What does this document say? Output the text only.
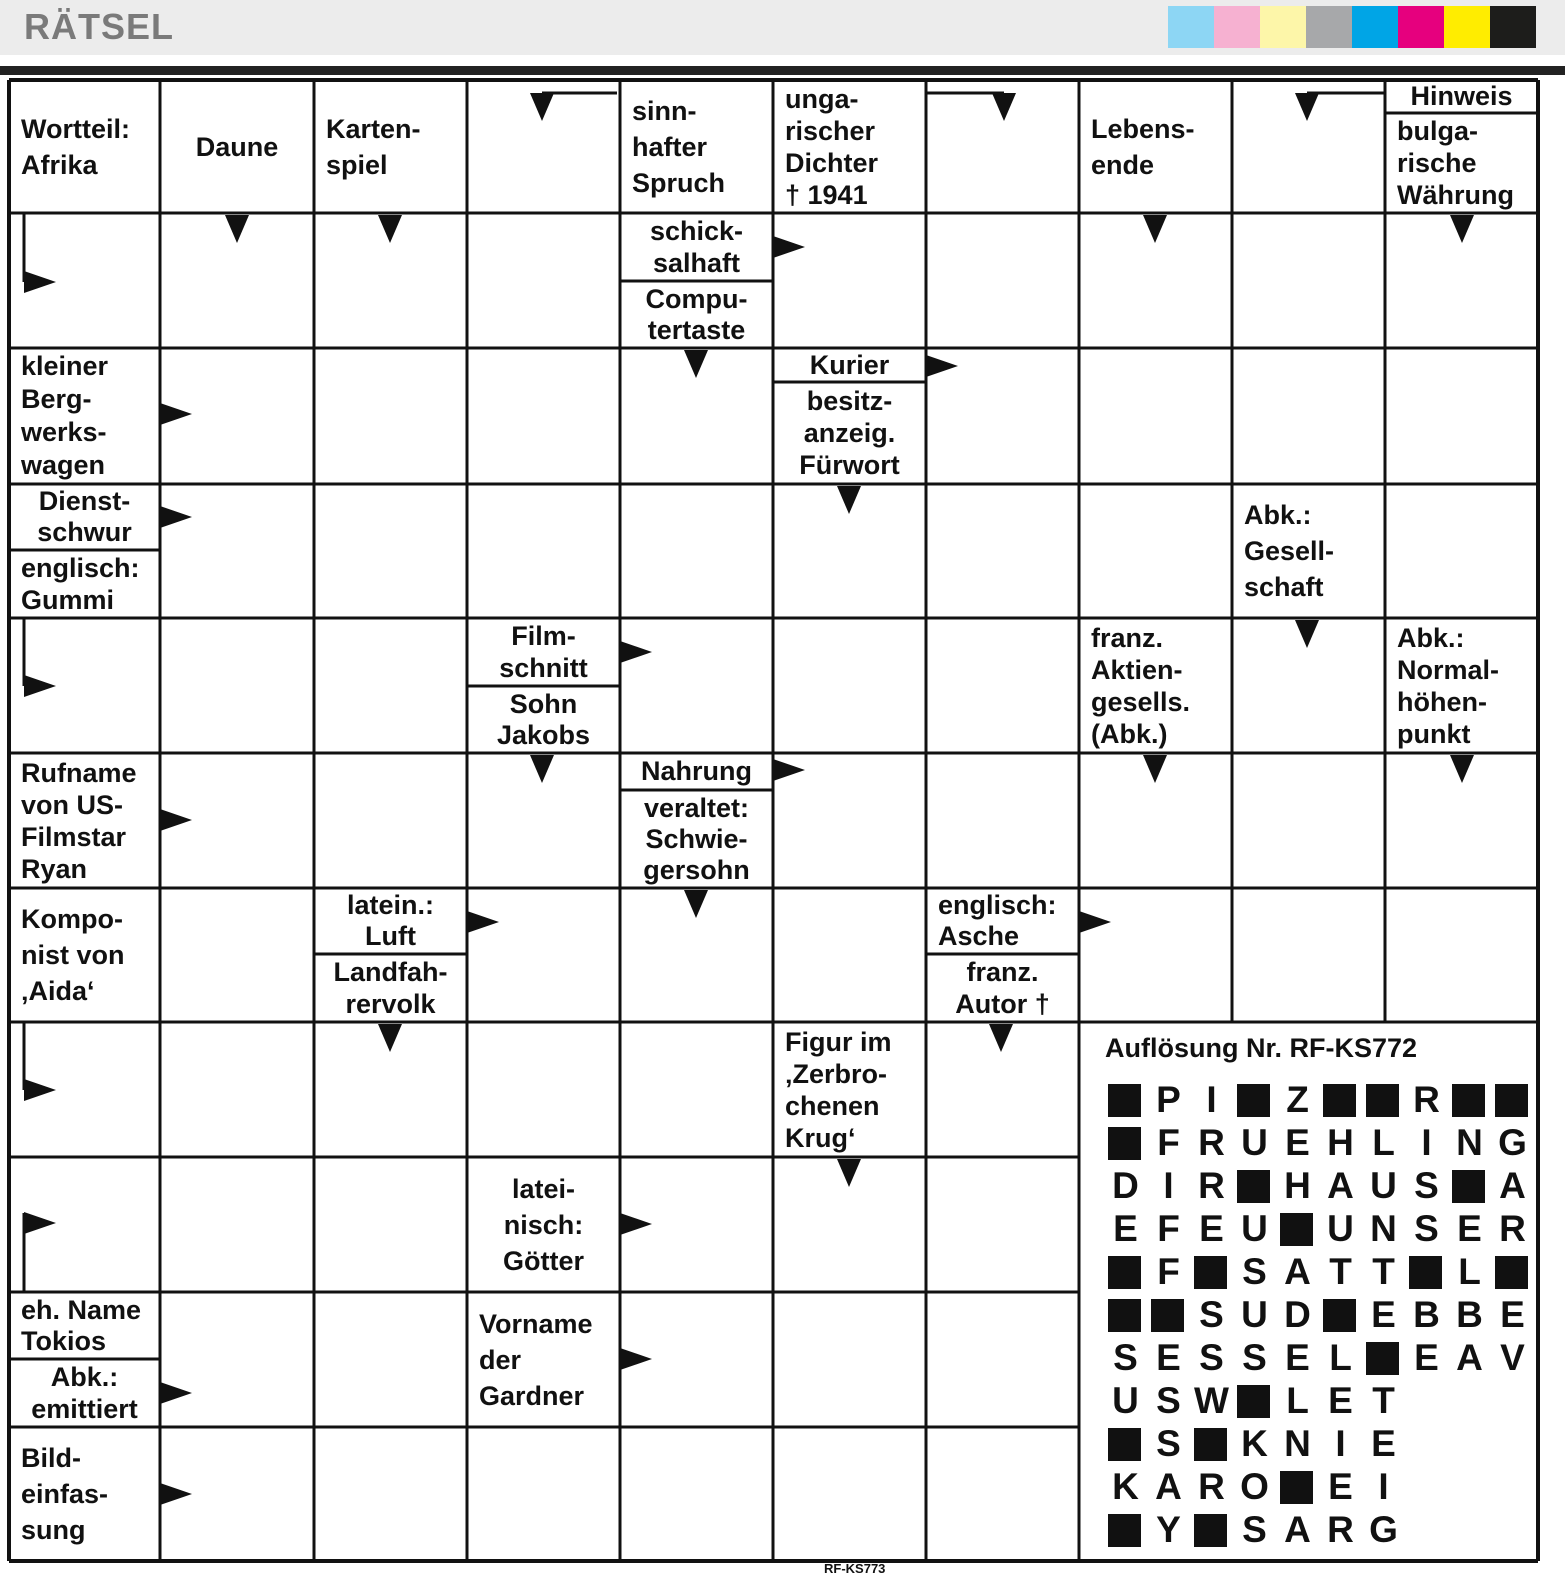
RÄTSEL
Wortteil:
Afrika
Daune
Karten-
spiel
sinn-
hafter
Spruch
unga-
rischer
Dichter
† 1941
Lebens-
ende
Hinweis
bulga-
rische
Währung
schick-
salhaft
Compu-
tertaste
kleiner
Berg-
werks-
wagen
Kurier
besitz-
anzeig.
Fürwort
Dienst-
schwur
englisch:
Gummi
Abk.:
Gesell-
schaft
Film-
schnitt
Sohn
Jakobs
franz.
Aktien-
gesells.
(Abk.)
Abk.:
Normal-
höhen-
punkt
Rufname
von US-
Filmstar
Ryan
Nahrung
veraltet:
Schwie-
gersohn
Kompo-
nist von
‚Aida‘
latein.:
Luft
Landfah-
rervolk
englisch:
Asche
franz.
Autor †
Figur im
‚Zerbro-
chenen
Krug‘
latei-
nisch:
Götter
eh. Name
Tokios
Abk.:
emittiert
Vorname
der
Gardner
Bild-
einfas-
sung
Auflösung Nr. RF-KS772
P I	Z	R
F R U E H L I N G
D I R H A U S A
E F E U U N S E R
F S A T T L
S U D E B B E
S E S S E L E A V
U S W L E T
S K N I E
K A R O E I
Y S A R G
RF-KS773
